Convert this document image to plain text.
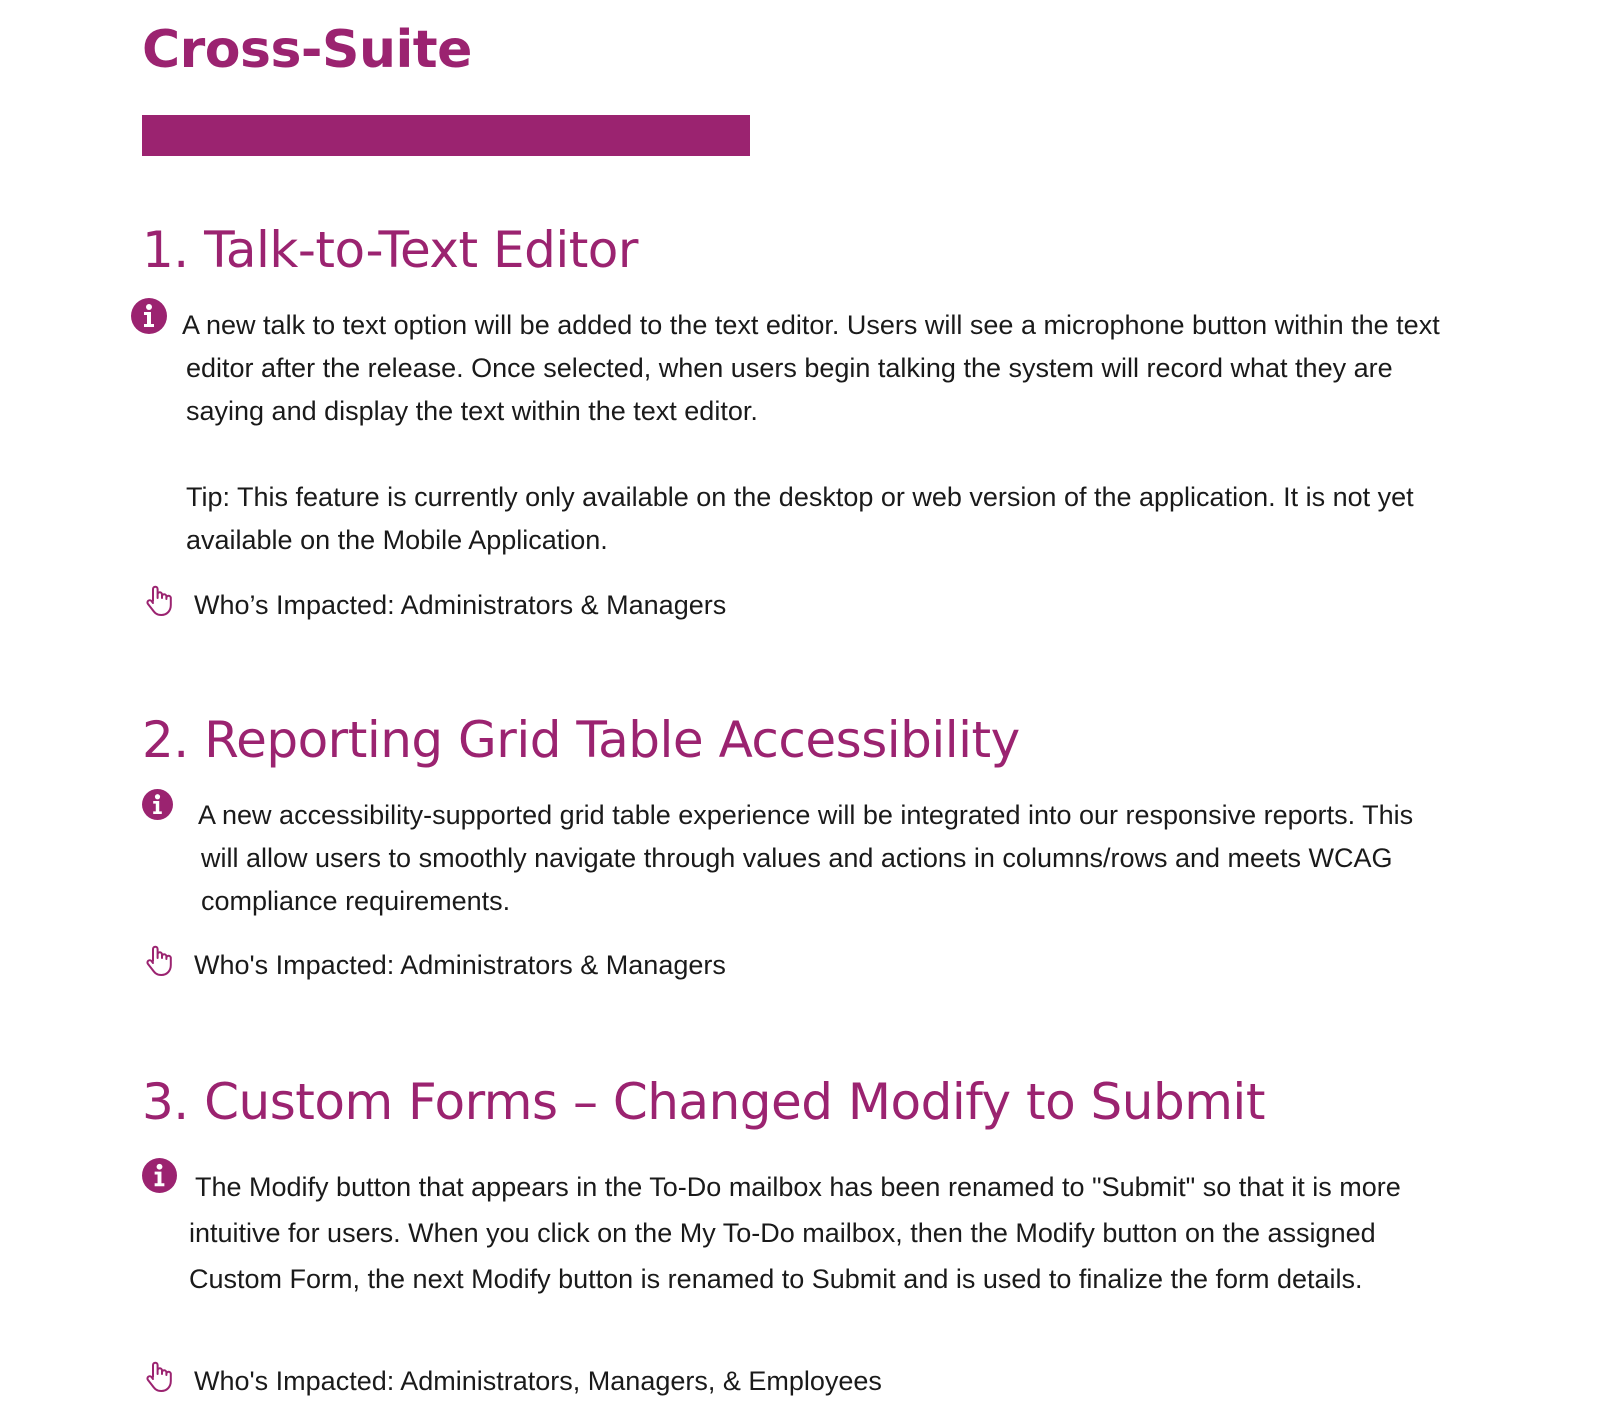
Cross-Suite
1. Talk-to-Text Editor

A new talk to text option will be added to the text editor. Users will see a microphone button within the text editor after the release. Once selected, when users begin talking the system will record what they are saying and display the text within the text editor.

Tip: This feature is currently only available on the desktop or web version of the application. It is not yet available on the Mobile Application.

Who’s Impacted: Administrators & Managers
2. Reporting Grid Table Accessibility

A new accessibility-supported grid table experience will be integrated into our responsive reports. This will allow users to smoothly navigate through values and actions in columns/rows and meets WCAG compliance requirements.

Who's Impacted: Administrators & Managers
3. Custom Forms – Changed Modify to Submit

The Modify button that appears in the To-Do mailbox has been renamed to "Submit" so that it is more intuitive for users. When you click on the My To-Do mailbox, then the Modify button on the assigned Custom Form, the next Modify button is renamed to Submit and is used to finalize the form details.

Who's Impacted: Administrators, Managers, & Employees
